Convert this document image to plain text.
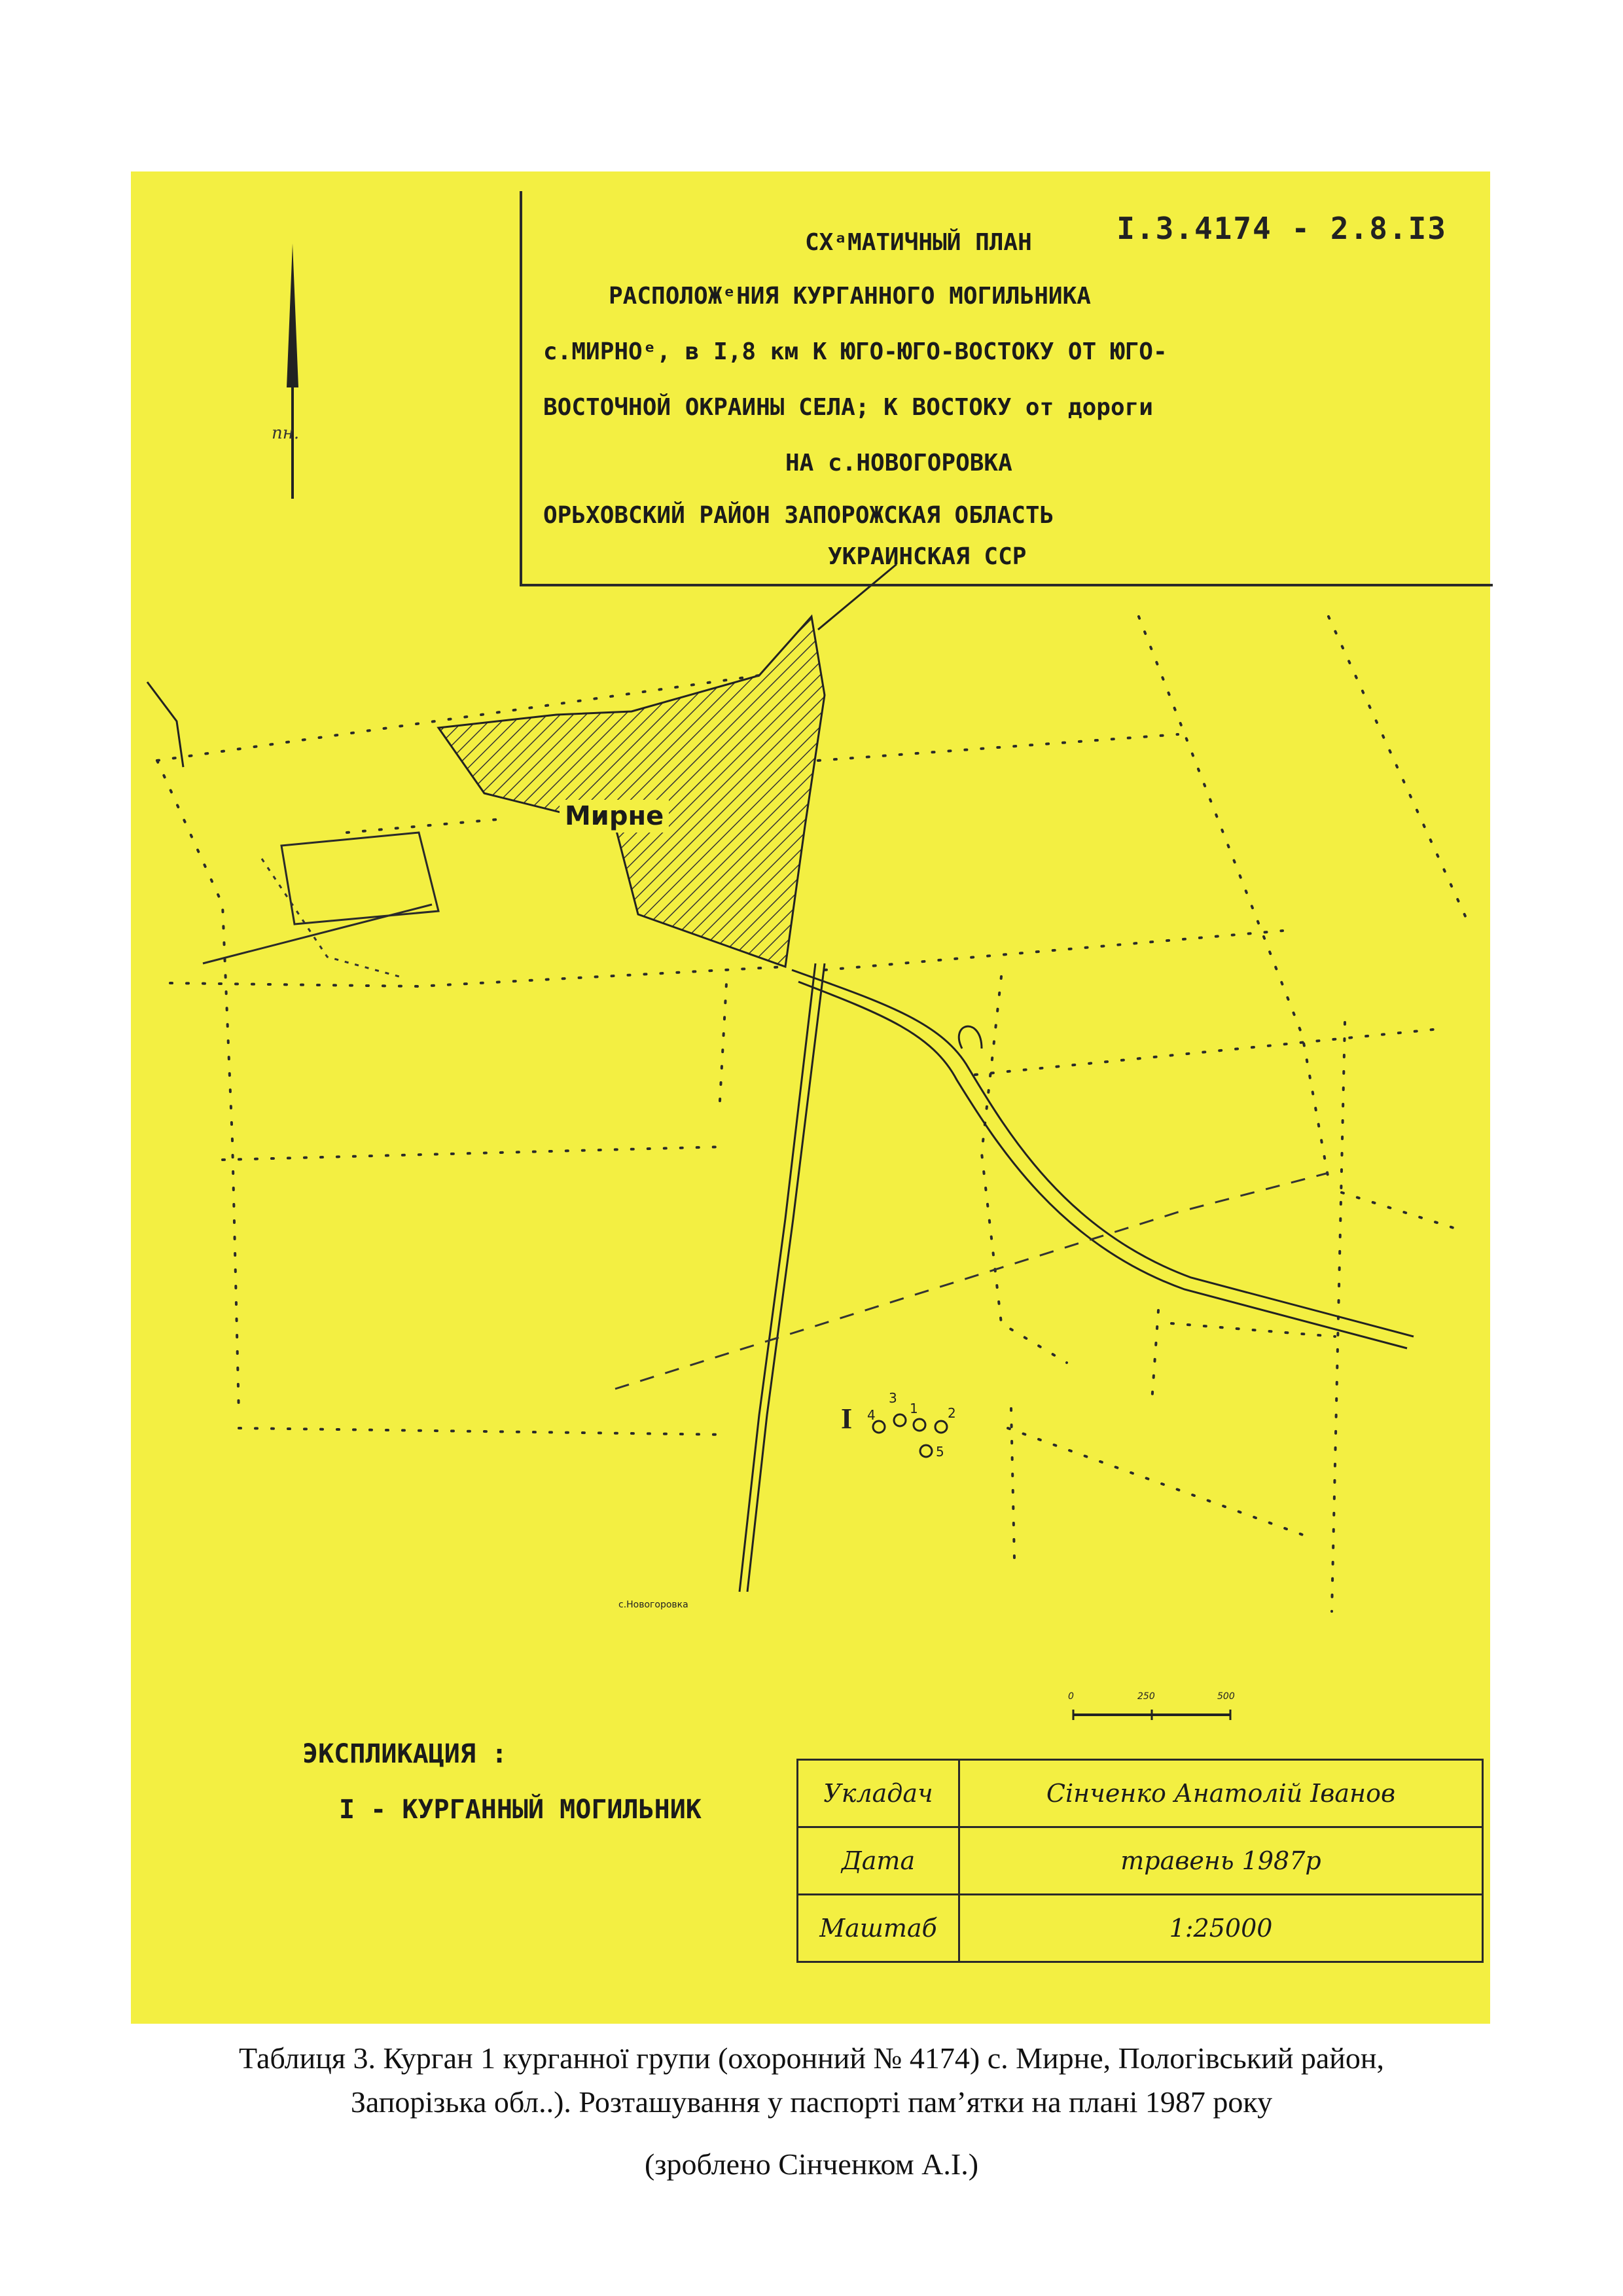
I.3.4174 - 2.8.I3
СХᵃМАТИЧНЫЙ ПЛАН
РАСПОЛОЖᵉНИЯ КУРГАННОГО МОГИЛЬНИКА
с.МИРНОᵉ, в I,8 км К ЮГО-ЮГО-ВОСТОКУ ОТ ЮГО-
ВОСТОЧНОЙ ОКРАИНЫ СЕЛА; К ВОСТОКУ от дороги
НА с.НОВОГОРОВКА
ОРЬХОВСКИЙ РАЙОН ЗАПОРОЖСКАЯ ОБЛАСТЬ
УКРАИНСКАЯ ССР
пн.
Мирне
с.Новогоровка
0	250	500
I	1 2
3
4
5
ЭКСПЛИКАЦИЯ :
I - КУРГАННЫЙ МОГИЛЬНИК
Укладач	Сінченко Анатолій Іванов
Дата	травень 1987р
Маштаб	1:25000
Таблиця 3. Курган 1 курганної групи (охоронний № 4174) с. Мирне, Пологівський район,
Запорізька обл..). Розташування у паспорті пам’ятки на плані 1987 року
(зроблено Сінченком А.І.)
